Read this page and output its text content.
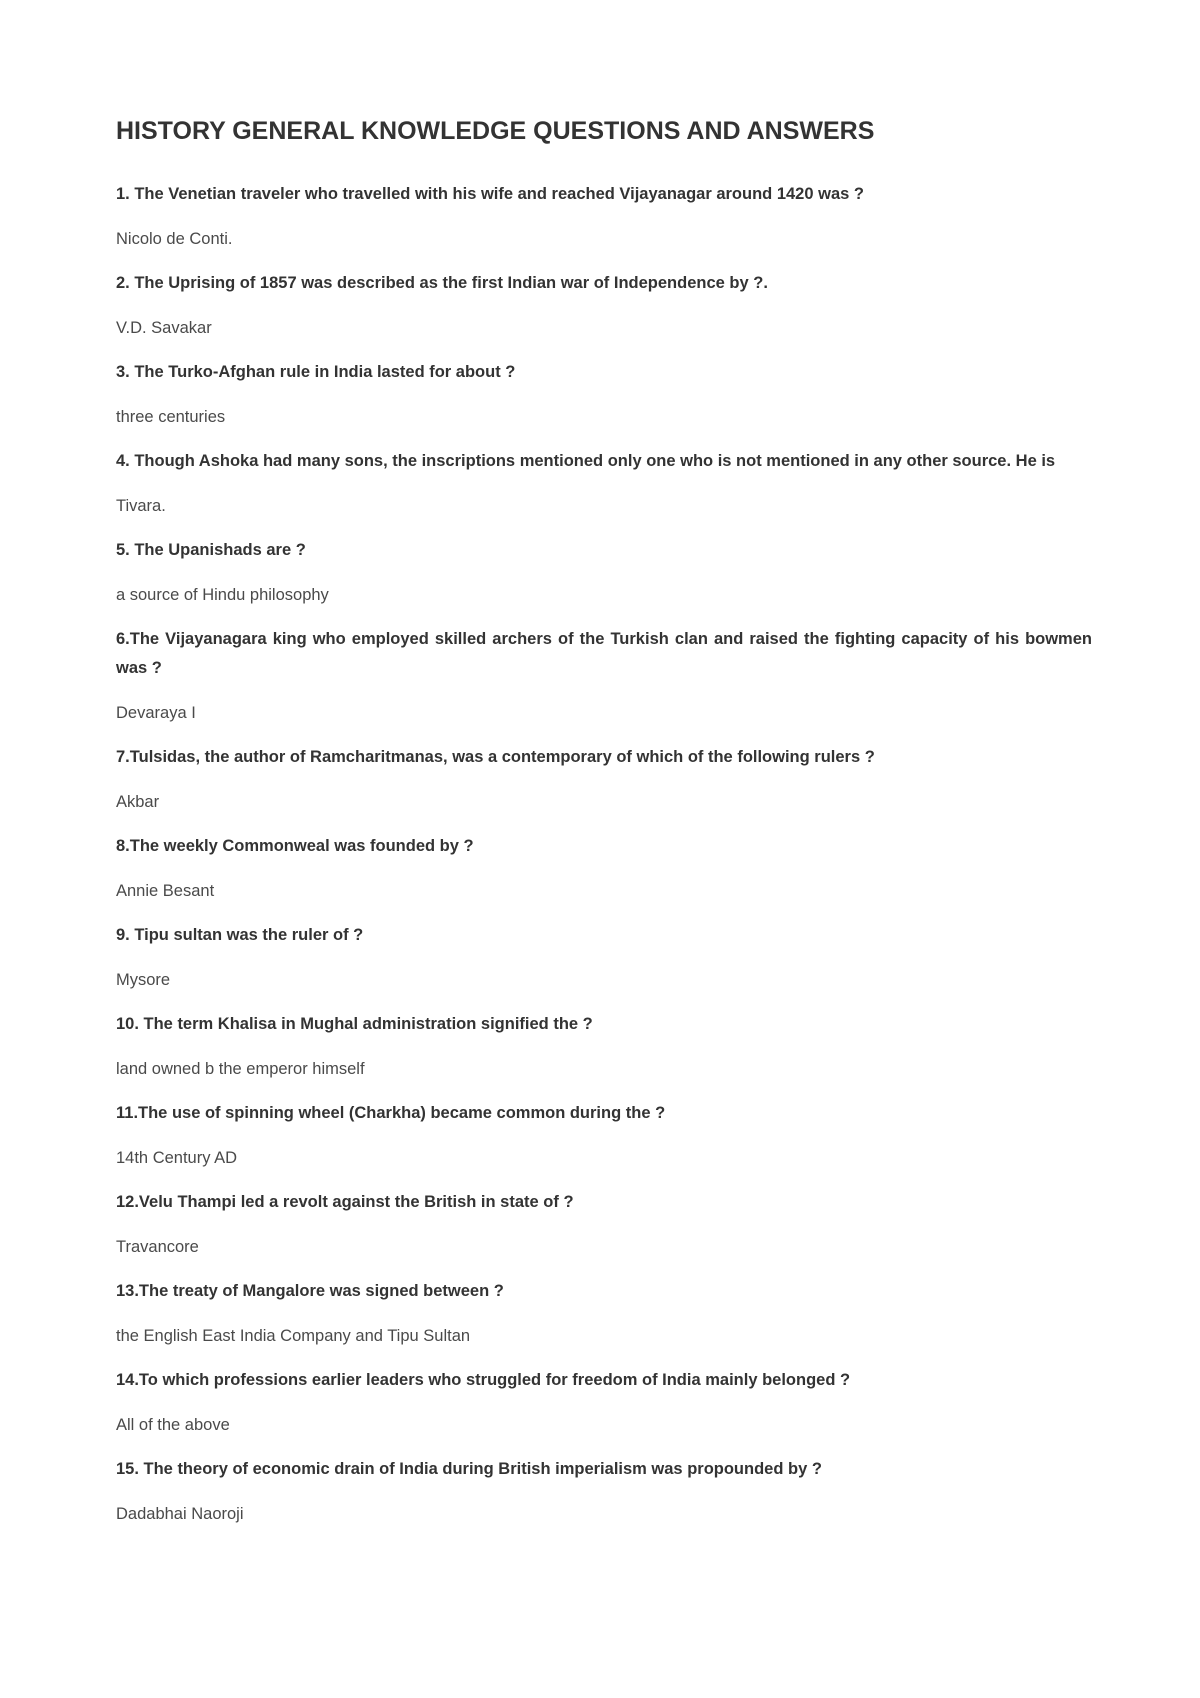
HISTORY GENERAL KNOWLEDGE QUESTIONS AND ANSWERS

1. The Venetian traveler who travelled with his wife and reached Vijayanagar around 1420 was ?

Nicolo de Conti.

2. The Uprising of 1857 was described as the first Indian war of Independence by ?.

V.D. Savakar

3. The Turko-Afghan rule in India lasted for about ?

three centuries

4. Though Ashoka had many sons, the inscriptions mentioned only one who is not mentioned in any other source. He is

Tivara.

5. The Upanishads are ?

a source of Hindu philosophy

6.The Vijayanagara king who employed skilled archers of the Turkish clan and raised the fighting capacity of his bowmen was ?

Devaraya I

7.Tulsidas, the author of Ramcharitmanas, was a contemporary of which of the following rulers ?

Akbar

8.The weekly Commonweal was founded by ?

Annie Besant

9. Tipu sultan was the ruler of ?

Mysore

10. The term Khalisa in Mughal administration signified the ?

land owned b the emperor himself

11.The use of spinning wheel (Charkha) became common during the ?

14th Century AD

12.Velu Thampi led a revolt against the British in state of ?

Travancore

13.The treaty of Mangalore was signed between ?

the English East India Company and Tipu Sultan

14.To which professions earlier leaders who struggled for freedom of India mainly belonged ?

All of the above

15. The theory of economic drain of India during British imperialism was propounded by ?

Dadabhai Naoroji
